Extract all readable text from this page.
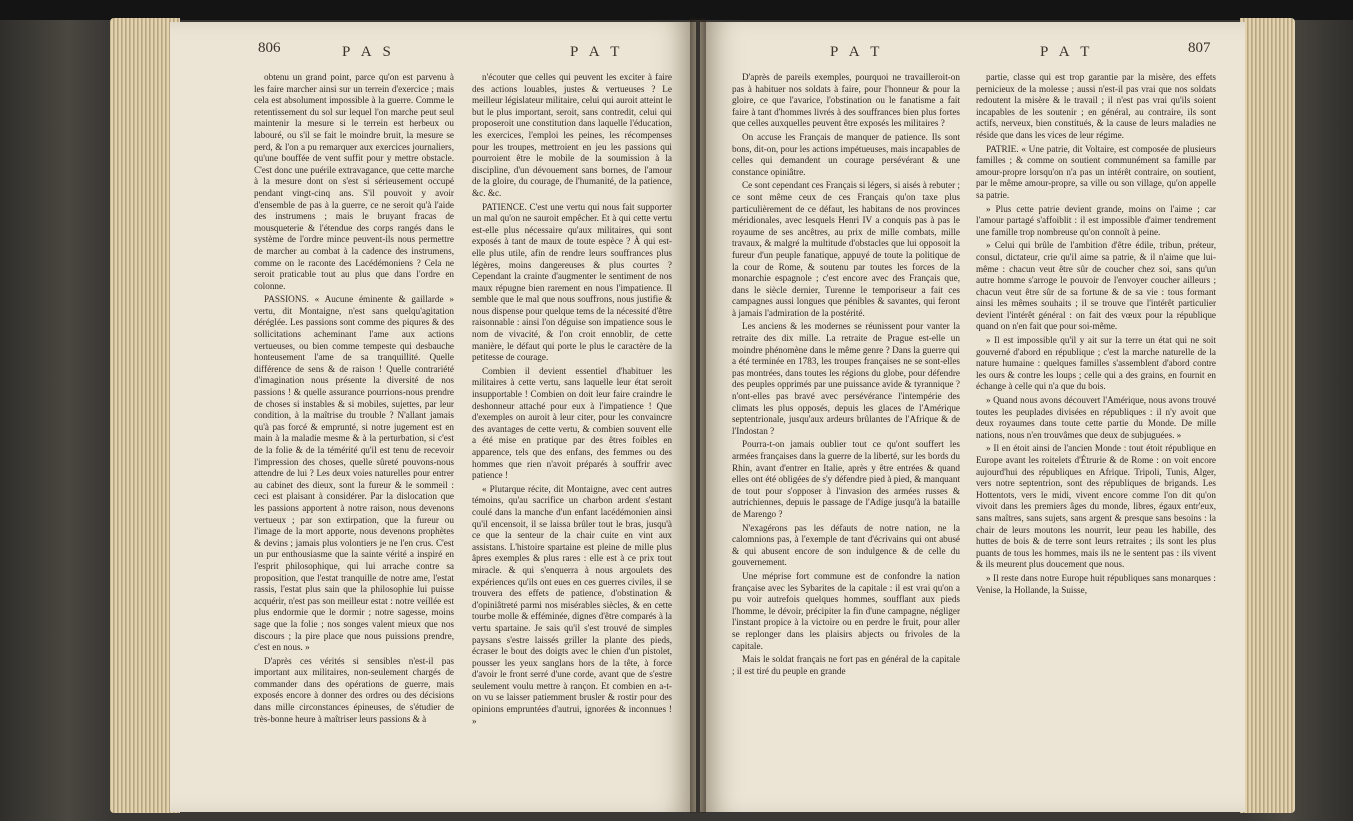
806	P A S	P A T

obtenu un grand point, parce qu'on est parvenu à les faire marcher ainsi sur un terrein d'exercice ; mais cela est absolument impossible à la guerre. Comme le retentissement du sol sur lequel l'on marche peut seul maintenir la mesure si le terrein est herbeux ou labouré, ou s'il se fait le moindre bruit, la mesure se perd, & l'on a pu remarquer aux exercices journaliers, qu'une bouffée de vent suffit pour y mettre obstacle. C'est donc une puérile extravagance, que cette marche à la mesure dont on s'est si sérieusement occupé pendant vingt-cinq ans. S'il pouvoit y avoir d'ensemble de pas à la guerre, ce ne seroit qu'à l'aide des instrumens ; mais le bruyant fracas de mousqueterie & l'étendue des corps rangés dans le système de l'ordre mince peuvent-ils nous permettre de marcher au combat à la cadence des instrumens, comme on le raconte des Lacédémoniens ? Cela ne seroit praticable tout au plus que dans l'ordre en colonne.

PASSIONS. « Aucune éminente & gaillarde » vertu, dit Montaigne, n'est sans quelqu'agitation déréglée. Les passions sont comme des piqures & des sollicitations acheminant l'ame aux actions vertueuses, ou bien comme tempeste qui desbauche honteusement l'ame de sa tranquillité. Quelle différence de sens & de raison ! Quelle contrariété d'imagination nous présente la diversité de nos passions ! & quelle assurance pourrions-nous prendre de choses si instables & si mobiles, sujettes, par leur condition, à la maîtrise du trouble ? N'allant jamais qu'à pas forcé & emprunté, si notre jugement est en main à la maladie mesme & à la perturbation, si c'est de la folie & de la témérité qu'il est tenu de recevoir l'impression des choses, quelle sûreté pouvons-nous attendre de lui ? Les deux voies naturelles pour entrer au cabinet des dieux, sont la fureur & le sommeil : ceci est plaisant à considérer. Par la dislocation que les passions apportent à notre raison, nous devenons vertueux ; par son extirpation, que la fureur ou l'image de la mort apporte, nous devenons prophètes & devins ; jamais plus volontiers je ne l'en crus. C'est un pur enthousiasme que la sainte vérité a inspiré en l'esprit philosophique, qui lui arrache contre sa proposition, que l'estat tranquille de notre ame, l'estat rassis, l'estat plus sain que la philosophie lui puisse acquérir, n'est pas son meilleur estat : notre veillée est plus endormie que le dormir ; notre sagesse, moins sage que la folie ; nos songes valent mieux que nos discours ; la pire place que nous puissions prendre, c'est en nous. »

D'après ces vérités si sensibles n'est-il pas important aux militaires, non-seulement chargés de commander dans des opérations de guerre, mais exposés encore à donner des ordres ou des décisions dans mille circonstances épineuses, de s'étudier de très-bonne heure à maîtriser leurs passions & à

n'écouter que celles qui peuvent les exciter à faire des actions louables, justes & vertueuses ? Le meilleur législateur militaire, celui qui auroit atteint le but le plus important, seroit, sans contredit, celui qui proposeroit une constitution dans laquelle l'éducation, les exercices, l'emploi les peines, les récompenses pour les troupes, mettroient en jeu les passions qui pourroient être le mobile de la soumission à la discipline, d'un dévouement sans bornes, de l'amour de la gloire, du courage, de l'humanité, de la patience, &c. &c.

PATIENCE. C'est une vertu qui nous fait supporter un mal qu'on ne sauroit empêcher. Et à qui cette vertu est-elle plus nécessaire qu'aux militaires, qui sont exposés à tant de maux de toute espèce ? À qui est-elle plus utile, afin de rendre leurs souffrances plus légères, moins dangereuses & plus courtes ? Cependant la crainte d'augmenter le sentiment de nos maux répugne bien rarement en nous l'impatience. Il semble que le mal que nous souffrons, nous justifie & nous dispense pour quelque tems de la nécessité d'être raisonnable : ainsi l'on déguise son impatience sous le nom de vivacité, & l'on croit ennoblir, de cette manière, le défaut qui porte le plus le caractère de la petitesse de courage.

Combien il devient essentiel d'habituer les militaires à cette vertu, sans laquelle leur état seroit insupportable ! Combien on doit leur faire craindre le deshonneur attaché pour eux à l'impatience ! Que d'exemples on auroit à leur citer, pour les convaincre des avantages de cette vertu, & combien souvent elle a été mise en pratique par des êtres foibles en apparence, tels que des enfans, des femmes ou des hommes que rien n'avoit préparés à souffrir avec patience !

« Plutarque récite, dit Montaigne, avec cent autres témoins, qu'au sacrifice un charbon ardent s'estant coulé dans la manche d'un enfant lacédémonien ainsi qu'il encensoit, il se laissa brûler tout le bras, jusqu'à ce que la senteur de la chair cuite en vint aux assistans. L'histoire spartaine est pleine de mille plus âpres exemples & plus rares : elle est à ce prix tout miracle. & qui s'enquerra à nous argoulets des expériences qu'ils ont eues en ces guerres civiles, il se trouvera des effets de patience, d'obstination & d'opiniâtreté parmi nos misérables siècles, & en cette tourbe molle & efféminée, dignes d'être comparés à la vertu spartaine. Je sais qu'il s'est trouvé de simples paysans s'estre laissés griller la plante des pieds, écraser le bout des doigts avec le chien d'un pistolet, pousser les yeux sanglans hors de la tête, à force d'avoir le front serré d'une corde, avant que de s'estre seulement voulu mettre à rançon. Et combien en a-t-on vu se laisser patiemment brusler & rostir pour des opinions empruntées d'autrui, ignorées & inconnues ! »

P A T	P A T	807

D'après de pareils exemples, pourquoi ne travailleroit-on pas à habituer nos soldats à faire, pour l'honneur & pour la gloire, ce que l'avarice, l'obstination ou le fanatisme a fait faire à tant d'hommes livrés à des souffrances bien plus fortes que celles auxquelles peuvent être exposés les militaires ?

On accuse les Français de manquer de patience. Ils sont bons, dit-on, pour les actions impétueuses, mais incapables de celles qui demandent un courage persévérant & une constance opiniâtre.

Ce sont cependant ces Français si légers, si aisés à rebuter ; ce sont même ceux de ces Français qu'on taxe plus particulièrement de ce défaut, les habitans de nos provinces méridionales, avec lesquels Henri IV a conquis pas à pas le royaume de ses ancêtres, au prix de mille combats, mille travaux, & malgré la multitude d'obstacles que lui opposoit la fureur d'un peuple fanatique, appuyé de toute la politique de la cour de Rome, & soutenu par toutes les forces de la monarchie espagnole ; c'est encore avec des Français que, dans le siècle dernier, Turenne le temporiseur a fait ces campagnes aussi longues que pénibles & savantes, qui feront à jamais l'admiration de la postérité.

Les anciens & les modernes se réunissent pour vanter la retraite des dix mille. La retraite de Prague est-elle un moindre phénomène dans le même genre ? Dans la guerre qui a été terminée en 1783, les troupes françaises ne se sont-elles pas montrées, dans toutes les régions du globe, pour défendre des peuples opprimés par une puissance avide & tyrannique ? n'ont-elles pas bravé avec persévérance l'intempérie des climats les plus opposés, depuis les glaces de l'Amérique septentrionale, jusqu'aux ardeurs brûlantes de l'Afrique & de l'Indostan ?

Pourra-t-on jamais oublier tout ce qu'ont souffert les armées françaises dans la guerre de la liberté, sur les bords du Rhin, avant d'entrer en Italie, après y être entrées & quand elles ont été obligées de s'y défendre pied à pied, & manquant de tout pour s'opposer à l'invasion des armées russes & autrichiennes, depuis le passage de l'Adige jusqu'à la bataille de Marengo ?

N'exagérons pas les défauts de notre nation, ne la calomnions pas, à l'exemple de tant d'écrivains qui ont abusé & qui abusent encore de son indulgence & de celle du gouvernement.

Une méprise fort commune est de confondre la nation française avec les Sybarites de la capitale : il est vrai qu'on a pu voir autrefois quelques hommes, soufflant aux pieds l'homme, le dévoir, précipiter la fin d'une campagne, négliger l'instant propice à la victoire ou en perdre le fruit, pour aller se replonger dans les plaisirs abjects ou frivoles de la capitale.

Mais le soldat français ne fort pas en général de la capitale ; il est tiré du peuple en grande

partie, classe qui est trop garantie par la misère, des effets pernicieux de la molesse ; aussi n'est-il pas vrai que nos soldats redoutent la misère & le travail ; il n'est pas vrai qu'ils soient incapables de les soutenir ; en général, au contraire, ils sont actifs, nerveux, bien constitués, & la cause de leurs maladies ne réside que dans les vices de leur régime.

PATRIE. « Une patrie, dit Voltaire, est composée de plusieurs familles ; & comme on soutient communément sa famille par amour-propre lorsqu'on n'a pas un intérêt contraire, on soutient, par le même amour-propre, sa ville ou son village, qu'on appelle sa patrie.

» Plus cette patrie devient grande, moins on l'aime ; car l'amour partagé s'affoiblit : il est impossible d'aimer tendrement une famille trop nombreuse qu'on connoît à peine.

» Celui qui brûle de l'ambition d'être édile, tribun, préteur, consul, dictateur, crie qu'il aime sa patrie, & il n'aime que lui-même : chacun veut être sûr de coucher chez soi, sans qu'un autre homme s'arroge le pouvoir de l'envoyer coucher ailleurs ; chacun veut être sûr de sa fortune & de sa vie : tous formant ainsi les mêmes souhaits ; il se trouve que l'intérêt particulier devient l'intérêt général : on fait des vœux pour la république quand on n'en fait que pour soi-même.

» Il est impossible qu'il y ait sur la terre un état qui ne soit gouverné d'abord en république ; c'est la marche naturelle de la nature humaine : quelques familles s'assemblent d'abord contre les ours & contre les loups ; celle qui a des grains, en fournit en échange à celle qui n'a que du bois.

» Quand nous avons découvert l'Amérique, nous avons trouvé toutes les peuplades divisées en républiques : il n'y avoit que deux royaumes dans toute cette partie du Monde. De mille nations, nous n'en trouvâmes que deux de subjuguées. »

» Il en étoit ainsi de l'ancien Monde : tout étoit république en Europe avant les roitelets d'Étrurie & de Rome : on voit encore aujourd'hui des républiques en Afrique. Tripoli, Tunis, Alger, vers notre septentrion, sont des républiques de brigands. Les Hottentots, vers le midi, vivent encore comme l'on dit qu'on vivoit dans les premiers âges du monde, libres, égaux entr'eux, sans maîtres, sans sujets, sans argent & presque sans besoins : la chair de leurs moutons les nourrit, leur peau les habille, des huttes de bois & de terre sont leurs retraites ; ils sont les plus puants de tous les hommes, mais ils ne le sentent pas : ils vivent & ils meurent plus doucement que nous.

» Il reste dans notre Europe huit républiques sans monarques : Venise, la Hollande, la Suisse,
